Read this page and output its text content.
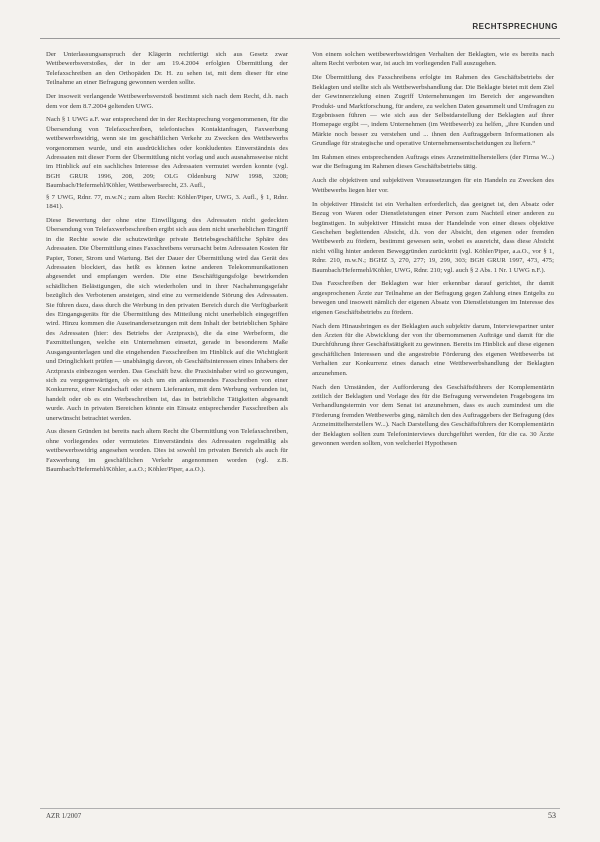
RECHTSPRECHUNG

Der Unterlassungsanspruch der Klägerin rechtfertigt sich aus Gesetz zwar Wettbewerbsverstoßes, der in der am 19.4.2004 erfolgten Übermittlung der Telefaxschreiben an den Orthopäden Dr. H. zu sehen ist, mit dem dieser für eine Teilnahme an einer Befragung gewonnen werden sollte.

Der insoweit verlangende Wettbewerbsverstoß bestimmt sich nach dem Recht, d.h. nach dem vor dem 8.7.2004 geltenden UWG.

Nach § 1 UWG a.F. war entsprechend der in der Rechtsprechung vorgenommenen, für die Übersendung von Telefaxschreiben, telefonisches Kontaktanfragen, Faxwerbung wettbewerbswidrig, wenn sie im geschäftlichen Verkehr zu Zwecken des Wettbewerbs vorgenommen wurde, und ein ausdrückliches oder konkludentes Einverständnis des Adressaten mit dieser Form der Übermittlung nicht vorlag und auch ausnahmsweise nicht im Hinblick auf ein sachliches Interesse des Adressaten vermutet werden konnte (vgl. BGH GRUR 1996, 208, 209; OLG Oldenburg NJW 1998, 3208; Baumbach/Hefermehl/Köhler, Wettbewerbsrecht, 23. Aufl.,

§ 7 UWG, Rdnr. 77, m.w.N.; zum alten Recht: Köhler/Piper, UWG, 3. Aufl., § 1, Rdnr. 1841).

Diese Bewertung der ohne eine Einwilligung des Adressaten nicht gedeckten Übersendung von Telefaxwerbeschreiben ergibt sich aus dem nicht unerheblichen Eingriff in die Rechte sowie die schutzwürdige private Betriebsgeschäftliche Sphäre des Adressaten. Die Übermittlung eines Faxschreibens verursacht beim Adressaten Kosten für Papier, Toner, Strom und Wartung. Bei der Dauer der Übermittlung wird das Gerät des Adressaten blockiert, das heißt es können keine anderen Telekommunikationen abgesendet und empfangen werden. Die eine Beschäftigungsfolge bewirkenden schädlichen Belästigungen, die sich wiederholen und in ihrer Nachahmungsgefahr bezüglich des Verbotenen ansteigen, sind eine zu vermeidende Störung des Adressaten. Sie führen dazu, dass durch die Werbung in den privaten Bereich durch die Verfügbarkeit des Eingangsgeräts für die Übermittlung des Mitteilung nicht unerheblich eingegriffen wird. Hinzu kommen die Auseinandersetzungen mit dem Inhalt der betrieblichen Sphäre des Adressaten (hier: des Betriebs der Arztpraxis), die da eine Werbeform, die Faxmitteilungen, welche ein Unternehmen einsetzt, gerade in besonderem Maße Ausgangsunterlagen und die eingehenden Faxschreiben im Hinblick auf die Wichtigkeit und Dringlichkeit prüfen — unabhängig davon, ob Geschäftsinteressen eines Inhabers der Arztpraxis einbezogen werden. Das Geschäft bzw. die Praxisinhaber wird so gezwungen, sich zu vergegenwärtigen, ob es sich um ein ankommendes Faxschreiben von einer Konkurrenz, einer Kundschaft oder einem Lieferanten, mit dem Werbung verbunden ist, handelt oder ob es ein Werbeschreiben ist, das in betriebliche Tätigkeiten abgesandt wurde. Auch in privaten Bereichen könnte ein Einsatz entsprechender Faxschreiben als unerwünscht betrachtet werden.

Aus diesen Gründen ist bereits nach altem Recht die Übermittlung von Telefaxschreiben, ohne vorliegendes oder vermutetes Einverständnis des Adressaten regelmäßig als wettbewerbswidrig angesehen worden. Dies ist sowohl im privaten Bereich als auch für Faxwerbung im geschäftlichen Verkehr angenommen worden (vgl. z.B. Baumbach/Hefermehl/Köhler, a.a.O.; Köhler/Piper, a.a.O.).

Von einem solchen wettbewerbswidrigen Verhalten der Beklagten, wie es bereits nach altem Recht verboten war, ist auch im vorliegenden Fall auszugehen.

Die Übermittlung des Faxschreibens erfolgte im Rahmen des Geschäftsbetriebs der Beklagten und stellte sich als Wettbewerbshandlung dar. Die Beklagte bietet mit dem Ziel der Gewinnerzielung einen Zugriff Unternehmungen im Bereich der angewandten Produkt- und Marktforschung, für andere, zu welchen Daten gesammelt und Umfragen zu Ergebnissen führen — wie sich aus der Selbstdarstellung der Beklagten auf ihrer Homepage ergibt —, indem Unternehmen (im Wettbewerb) zu helfen, „ihre Kunden und Märkte noch besser zu verstehen und ... ihnen den Auftraggebern Informationen als Grundlage für strategische und operative Unternehmensentscheidungen zu liefern.“

Im Rahmen eines entsprechenden Auftrags eines Arzneimittelherstellers (der Firma W...) war die Befragung im Rahmen dieses Geschäftsbetriebs tätig.

Auch die objektiven und subjektiven Voraussetzungen für ein Handeln zu Zwecken des Wettbewerbs liegen hier vor.

In objektiver Hinsicht ist ein Verhalten erforderlich, das geeignet ist, den Absatz oder Bezug von Waren oder Dienstleistungen einer Person zum Nachteil einer anderen zu begünstigen. In subjektiver Hinsicht muss der Handelnde von einer dieses objektive Geschehen begleitenden Absicht, d.h. von der Absicht, den eigenen oder fremden Wettbewerb zu fördern, bestimmt gewesen sein, wobei es ausreicht, dass diese Absicht nicht völlig hinter anderen Beweggründen zurücktritt (vgl. Köhler/Piper, a.a.O., vor § 1, Rdnr. 210, m.w.N.; BGHZ 3, 270, 277; 19, 299, 303; BGH GRUR 1997, 473, 475; Baumbach/Hefermehl/Köhler, UWG, Rdnr. 210; vgl. auch § 2 Abs. 1 Nr. 1 UWG n.F.).

Das Faxschreiben der Beklagten war hier erkennbar darauf gerichtet, ihr damit angesprochenen Ärzte zur Teilnahme an der Befragung gegen Zahlung eines Entgelts zu bewegen und insoweit nämlich der eigenen Absatz von Dienstleistungen im Interesse des eigenen Geschäftsbetriebs zu fördern.

Nach dem Hinausbringen es der Beklagten auch subjektiv darum, Interviewpartner unter den Ärzten für die Abwicklung der von ihr übernommenen Aufträge und damit für die Durchführung ihrer Geschäftstätigkeit zu gewinnen. Bereits im Hinblick auf diese eigenen geschäftlichen Interessen und die angestrebte Förderung des eigenen Wettbewerbs ist Verhalten zur Konkurrenz eines danach eine Wettbewerbshandlung der Beklagten anzunehmen.

Nach den Umständen, der Aufforderung des Geschäftsführers der Komplementärin zeitlich der Beklagten und Vorlage des für die Befragung verwendeten Fragebogens im Verhandlungstermin vor dem Senat ist anzunehmen, dass es auch zumindest um die Förderung fremden Wettbewerbs ging, nämlich den des Auftraggebers der Befragung (des Arzneimittelherstellers W...). Nach Darstellung des Geschäftsführers der Komplementärin der Beklagten sollten zum Telefoninterviews durchgeführt werden, für die ca. 30 Ärzte gewonnen werden sollten, von welcherlei Hypothesen

AZR 1/2007	53
